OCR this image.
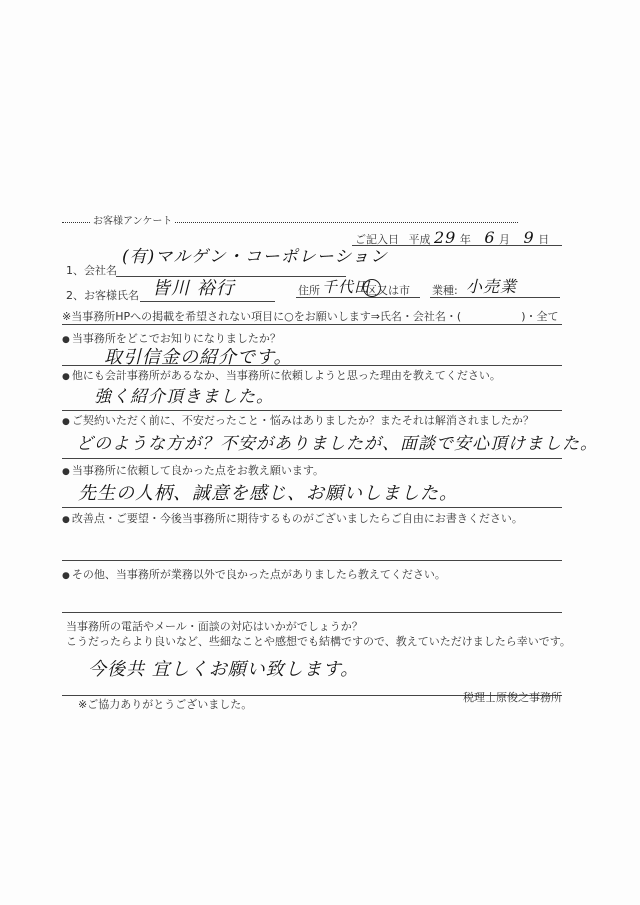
お客様アンケート
ご記入日 平成 29 年 6 月 9 日
1、会社名
(有)マルゲン・コーポレーション
2、お客様氏名 皆川 裕行	住所 千代田
区又は市 業種: 小売業
※当事務所HPへの掲載を希望されない項目に○をお願いします⇒氏名・会社名・(	)・全て
● 当事務所をどこでお知りになりましたか？
取引信金の紹介です。
● 他にも会計事務所があるなか、当事務所に依頼しようと思った理由を教えてください。
強く紹介頂きました。
● ご契約いただく前に、不安だったこと・悩みはありましたか？またそれは解消されましたか？
どのような方が？不安がありましたが、面談で安心頂けました。
● 当事務所に依頼して良かった点をお教え願います。
先生の人柄、誠意を感じ、お願いしました。
● 改善点・ご要望・今後当事務所に期待するものがございましたらご自由にお書きください。
● その他、当事務所が業務以外で良かった点がありましたら教えてください。
当事務所の電話やメール・面談の対応はいかがでしょうか？
こうだったらより良いなど、些細なことや感想でも結構ですので、教えていただけましたら幸いです。
今後共 宜しくお願い致します。
※ご協力ありがとうございました。
税理士原俊之事務所
